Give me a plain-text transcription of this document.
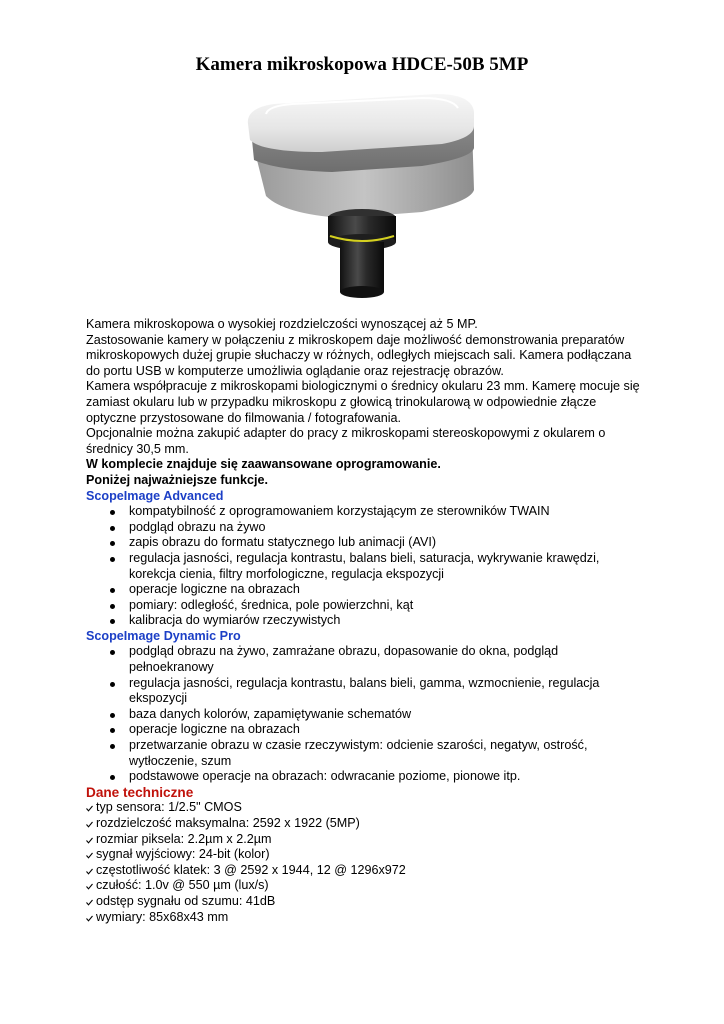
Kamera mikroskopowa HDCE-50B 5MP

Kamera mikroskopowa o wysokiej rozdzielczości wynoszącej aż 5 MP.

Zastosowanie kamery w połączeniu z mikroskopem daje możliwość demonstrowania preparatów mikroskopowych dużej grupie słuchaczy w różnych, odległych miejscach sali. Kamera podłączana do portu USB w komputerze umożliwia oglądanie oraz rejestrację obrazów.

Kamera współpracuje z mikroskopami biologicznymi o średnicy okularu 23 mm. Kamerę mocuje się zamiast okularu lub w przypadku mikroskopu z głowicą trinokularową w odpowiednie złącze optyczne przystosowane do filmowania / fotografowania.

Opcjonalnie można zakupić adapter do pracy z mikroskopami stereoskopowymi z okularem o średnicy 30,5 mm.

W komplecie znajduje się zaawansowane oprogramowanie.

Poniżej najważniejsze funkcje.

ScopeImage Advanced

kompatybilność z oprogramowaniem korzystającym ze sterowników TWAIN
podgląd obrazu na żywo
zapis obrazu do formatu statycznego lub animacji (AVI)
regulacja jasności, regulacja kontrastu, balans bieli, saturacja, wykrywanie krawędzi, korekcja cienia, filtry morfologiczne, regulacja ekspozycji
operacje logiczne na obrazach
pomiary: odległość, średnica, pole powierzchni, kąt
kalibracja do wymiarów rzeczywistych

ScopeImage Dynamic Pro

podgląd obrazu na żywo, zamrażane obrazu, dopasowanie do okna, podgląd pełnoekranowy
regulacja jasności, regulacja kontrastu, balans bieli, gamma, wzmocnienie, regulacja ekspozycji
baza danych kolorów, zapamiętywanie schematów
operacje logiczne na obrazach
przetwarzanie obrazu w czasie rzeczywistym: odcienie szarości, negatyw, ostrość, wytłoczenie, szum
podstawowe operacje na obrazach: odwracanie poziome, pionowe itp.

Dane techniczne

typ sensora: 1/2.5" CMOS
rozdzielczość maksymalna: 2592 x 1922 (5MP)
rozmiar piksela: 2.2µm x 2.2µm
sygnał wyjściowy: 24-bit (kolor)
częstotliwość klatek: 3 @ 2592 x 1944, 12 @ 1296x972
czułość: 1.0v @ 550 µm (lux/s)
odstęp sygnału od szumu: 41dB
wymiary: 85x68x43 mm
